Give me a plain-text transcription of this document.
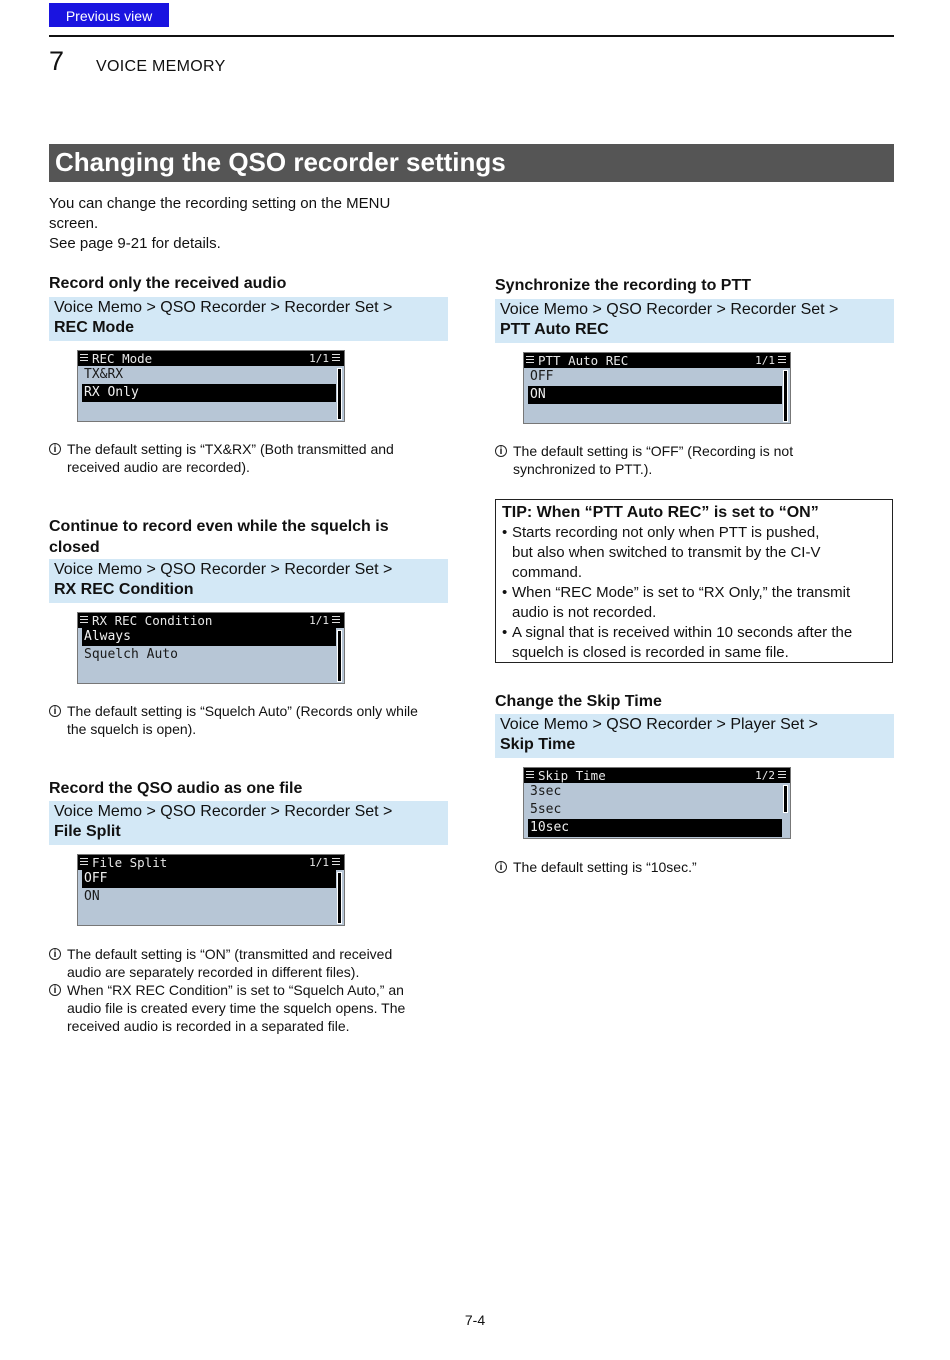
Previous view
7 VOICE MEMORY
Changing the QSO recorder settings
You can change the recording setting on the MENU
screen.
See page 9-21 for details.
Record only the received audio
Voice Memo > QSO Recorder > Recorder Set >
REC Mode
REC Mode	1/1
TX&RX
RX Only
i The default setting is “TX&RX” (Both transmitted and
received audio are recorded).
Continue to record even while the squelch is
closed
Voice Memo > QSO Recorder > Recorder Set >
RX REC Condition
RX REC Condition	1/1
Always
Squelch Auto
i The default setting is “Squelch Auto” (Records only while
the squelch is open).
Record the QSO audio as one file
Voice Memo > QSO Recorder > Recorder Set >
File Split
File Split	1/1
OFF
ON
i The default setting is “ON” (transmitted and received
audio are separately recorded in different files).
i When “RX REC Condition” is set to “Squelch Auto,” an
audio file is created every time the squelch opens. The
received audio is recorded in a separated file.
Synchronize the recording to PTT
Voice Memo > QSO Recorder > Recorder Set >
PTT Auto REC
PTT Auto REC	1/1
OFF
ON
i The default setting is “OFF” (Recording is not
synchronized to PTT.).
TIP: When “PTT Auto REC” is set to “ON”
• Starts recording not only when PTT is pushed,
but also when switched to transmit by the CI-V
command.
• When “REC Mode” is set to “RX Only,” the transmit
audio is not recorded.
• A signal that is received within 10 seconds after the
squelch is closed is recorded in same file.
Change the Skip Time
Voice Memo > QSO Recorder > Player Set >
Skip Time
Skip Time	1/2
3sec
5sec
10sec
i The default setting is “10sec.”
7-4
